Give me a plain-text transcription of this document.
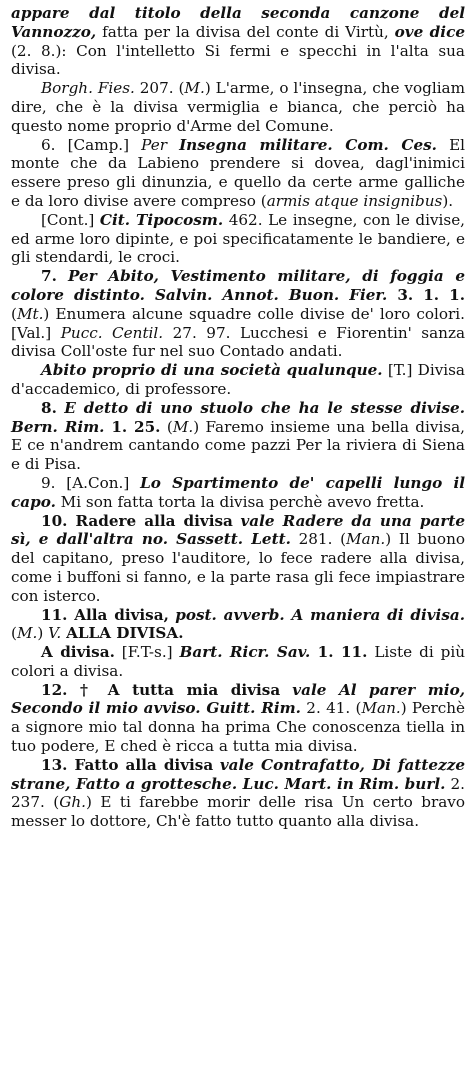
appare dal titolo della seconda canzone del Vannozzo, fatta per la divisa del conte di Virtù, ove dice (2. 8.): Con l'intelletto Si fermi e specchi in l'alta sua divisa.

Borgh. Fies. 207. (M.) L'arme, o l'insegna, che vogliam dire, che è la divisa vermiglia e bianca, che perciò ha questo nome proprio d'Arme del Comune.

6. [Camp.] Per Insegna militare. Com. Ces. El monte che da Labieno prendere si dovea, dagl'inimici essere preso gli dinunzia, e quello da certe arme galliche e da loro divise avere compreso (armis atque insignibus).

[Cont.] Cit. Tipocosm. 462. Le insegne, con le divise, ed arme loro dipinte, e poi specificatamente le bandiere, e gli stendardi, le croci.

7. Per Abito, Vestimento militare, di foggia e colore distinto. Salvin. Annot. Buon. Fier. 3. 1. 1. (Mt.) Enumera alcune squadre colle divise de' loro colori. [Val.] Pucc. Centil. 27. 97. Lucchesi e Fiorentin' sanza divisa Coll'oste fur nel suo Contado andati.

Abito proprio di una società qualunque. [T.] Divisa d'accademico, di professore.

8. E detto di uno stuolo che ha le stesse divise. Bern. Rim. 1. 25. (M.) Faremo insieme una bella divisa, E ce n'andrem cantando come pazzi Per la riviera di Siena e di Pisa.

9. [A.Con.] Lo Spartimento de' capelli lungo il capo. Mi son fatta torta la divisa perchè avevo fretta.

10. Radere alla divisa vale Radere da una parte sì, e dall'altra no. Sassett. Lett. 281. (Man.) Il buono del capitano, preso l'auditore, lo fece radere alla divisa, come i buffoni si fanno, e la parte rasa gli fece impiastrare con isterco.

11. Alla divisa, post. avverb. A maniera di divisa. (M.) V. ALLA DIVISA.

A divisa. [F.T-s.] Bart. Ricr. Sav. 1. 11. Liste di più colori a divisa.

12. † A tutta mia divisa vale Al parer mio, Secondo il mio avviso. Guitt. Rim. 2. 41. (Man.) Perchè a signore mio tal donna ha prima Che conoscenza tiella in tuo podere, E ched è ricca a tutta mia divisa.

13. Fatto alla divisa vale Contrafatto, Di fattezze strane, Fatto a grottesche. Luc. Mart. in Rim. burl. 2. 237. (Gh.) E ti farebbe morir delle risa Un certo bravo messer lo dottore, Ch'è fatto tutto quanto alla divisa.
